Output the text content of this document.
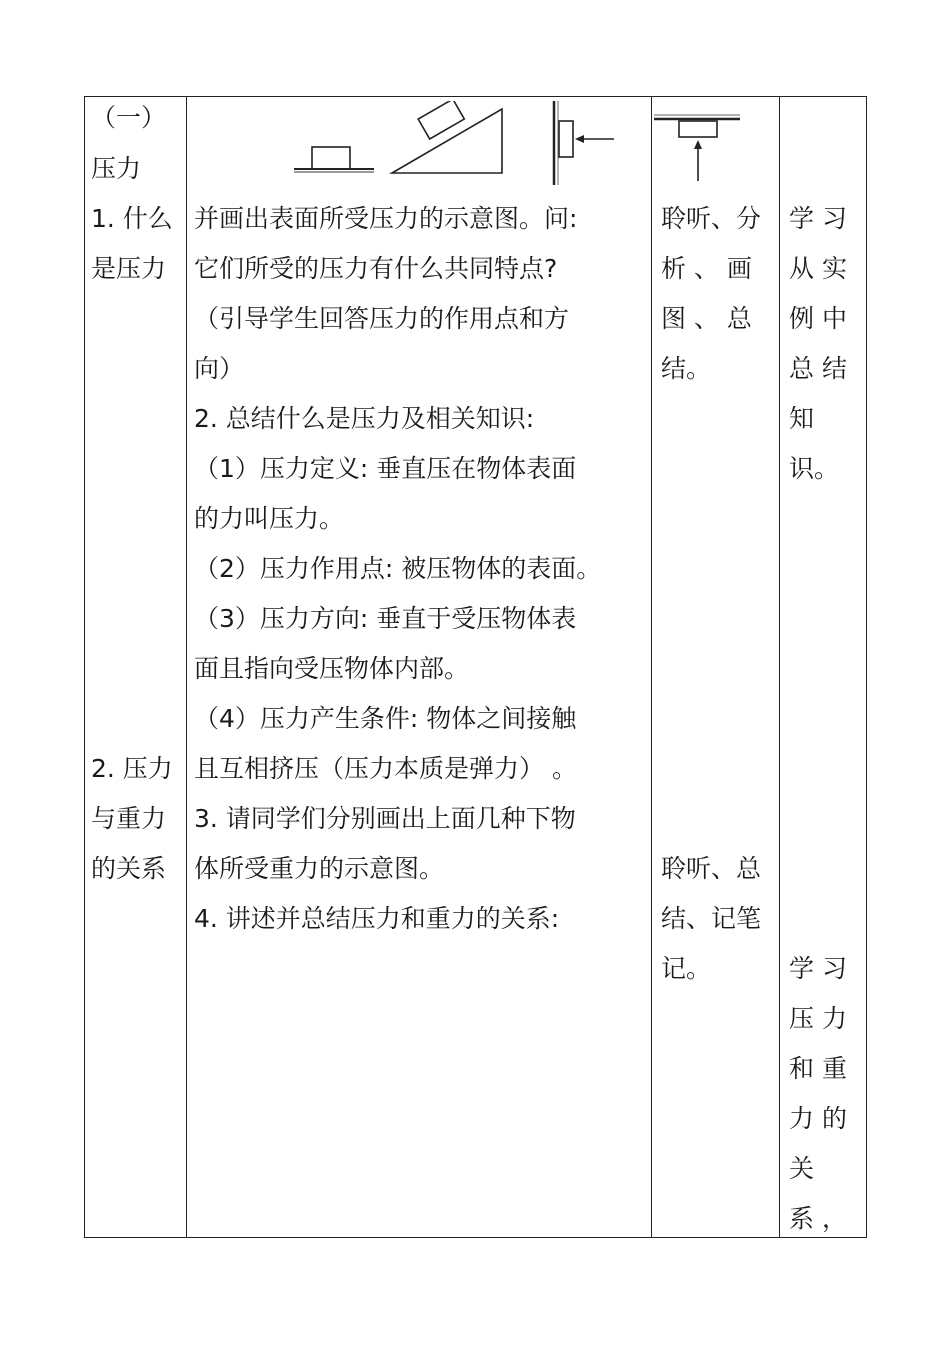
（一）
压力
1. 什么
是压力
2. 压力
与重力
的关系
并画出表面所受压力的示意图。问:
它们所受的压力有什么共同特点?
（引导学生回答压力的作用点和方
向）
2. 总结什么是压力及相关知识:
（1）压力定义: 垂直压在物体表面
的力叫压力。
（2）压力作用点: 被压物体的表面。
（3）压力方向: 垂直于受压物体表
面且指向受压物体内部。
（4）压力产生条件: 物体之间接触
且互相挤压（压力本质是弹力） 。
3. 请同学们分别画出上面几种下物
体所受重力的示意图。
4. 讲述并总结压力和重力的关系:
聆听、分
析 、 画
图 、 总
结。
聆听、总
结、记笔
记。
学 习
从 实
例 中
总 结
知
识。
学 习
压 力
和 重
力 的
关
系 ，
